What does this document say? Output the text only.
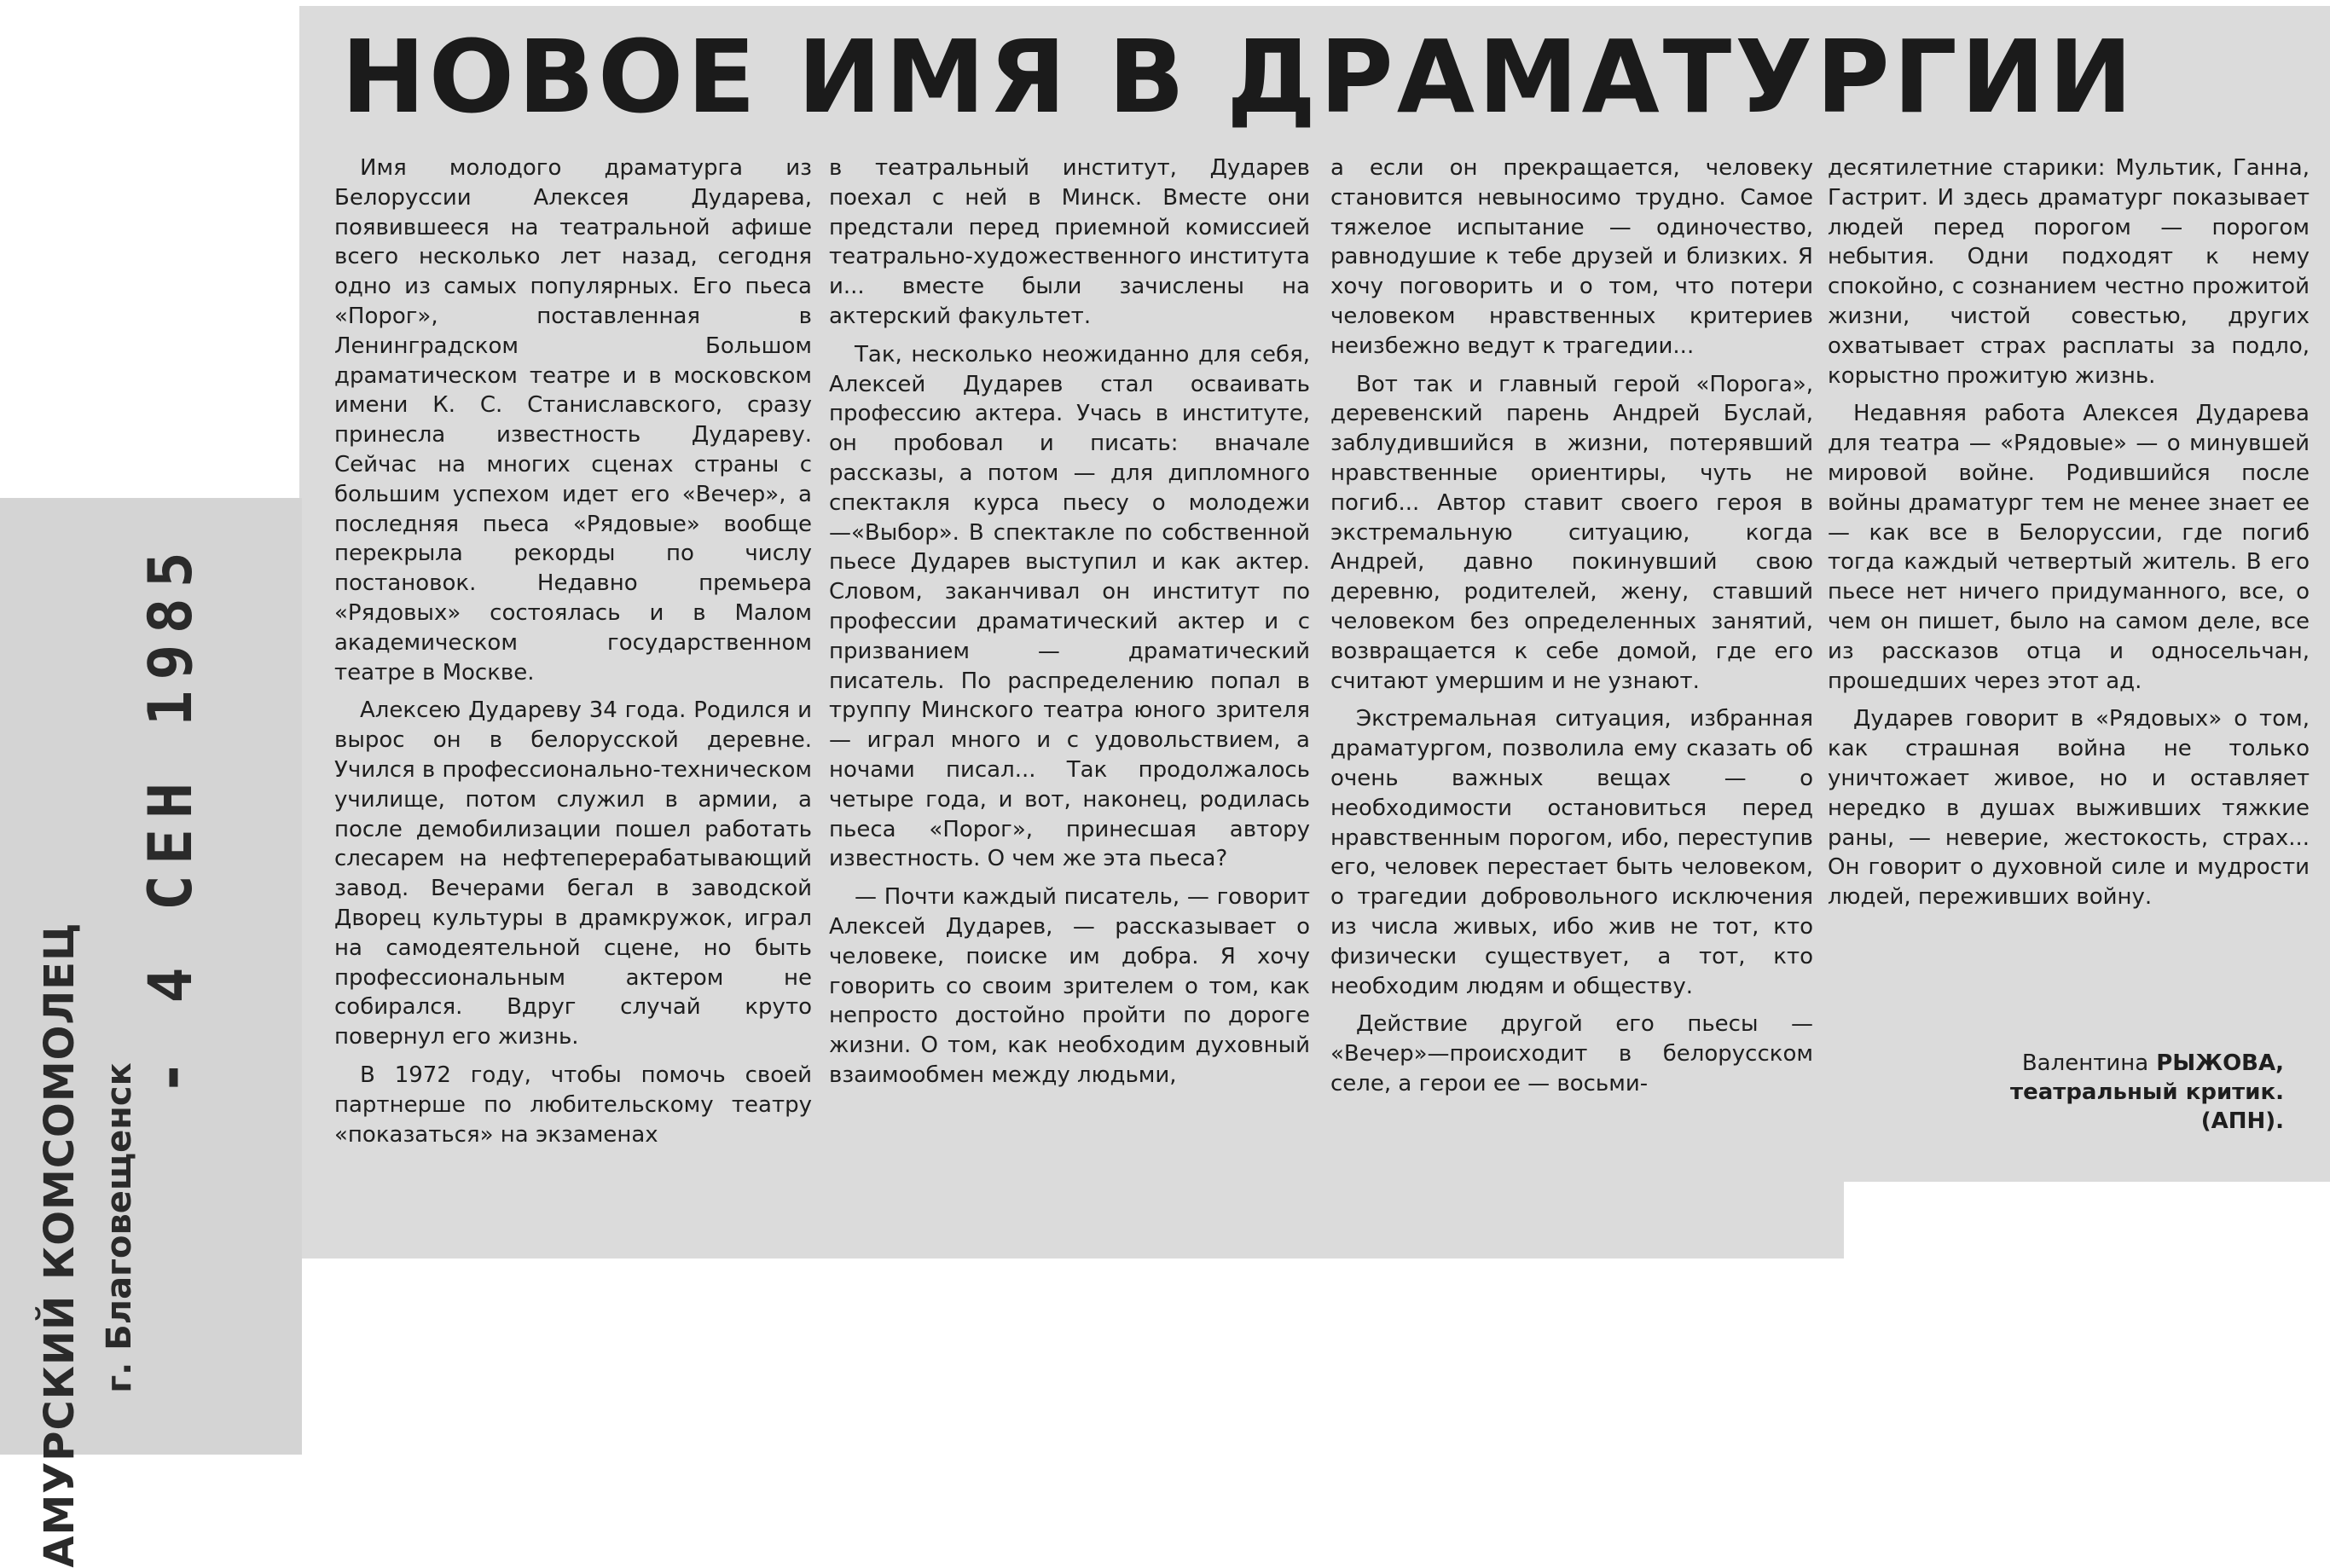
НОВОЕ ИМЯ В ДРАМАТУРГИИ

Имя молодого драматурга из Белоруссии Алексея Дударева, появившееся на театральной афише всего несколько лет назад, сегодня одно из самых популярных. Его пьеса «Порог», поставленная в Ленинградском Большом драматическом театре и в московском имени К. С. Станиславского, сразу принесла известность Дудареву. Сейчас на многих сценах страны с большим успехом идет его «Вечер», а последняя пьеса «Рядовые» вообще перекрыла рекорды по числу постановок. Недавно премьера «Рядовых» состоялась и в Малом академическом государственном театре в Москве.

Алексею Дудареву 34 года. Родился и вырос он в белорусской деревне. Учился в профессионально-техническом училище, потом служил в армии, а после демобилизации пошел работать слесарем на нефтеперерабатывающий завод. Вечерами бегал в заводской Дворец культуры в драмкружок, играл на самодеятельной сцене, но быть профессиональным актером не собирался. Вдруг случай круто повернул его жизнь.

В 1972 году, чтобы помочь своей партнерше по любительскому театру «показаться» на экзаменах

в театральный институт, Дударев поехал с ней в Минск. Вместе они предстали перед приемной комиссией театрально-художественного института и... вместе были зачислены на актерский факультет.

Так, несколько неожиданно для себя, Алексей Дударев стал осваивать профессию актера. Учась в институте, он пробовал и писать: вначале рассказы, а потом — для дипломного спектакля курса пьесу о молодежи—«Выбор». В спектакле по собственной пьесе Дударев выступил и как актер. Словом, заканчивал он институт по профессии драматический актер и с призванием — драматический писатель. По распределению попал в труппу Минского театра юного зрителя — играл много и с удовольствием, а ночами писал... Так продолжалось четыре года, и вот, наконец, родилась пьеса «Порог», принесшая автору известность. О чем же эта пьеса?

— Почти каждый писатель, — говорит Алексей Дударев, — рассказывает о человеке, поиске им добра. Я хочу говорить со своим зрителем о том, как непросто достойно пройти по дороге жизни. О том, как необходим духовный взаимообмен между людьми,

а если он прекращается, человеку становится невыносимо трудно. Самое тяжелое испытание — одиночество, равнодушие к тебе друзей и близких. Я хочу поговорить и о том, что потери человеком нравственных критериев неизбежно ведут к трагедии...

Вот так и главный герой «Порога», деревенский парень Андрей Буслай, заблудившийся в жизни, потерявший нравственные ориентиры, чуть не погиб... Автор ставит своего героя в экстремальную ситуацию, когда Андрей, давно покинувший свою деревню, родителей, жену, ставший человеком без определенных занятий, возвращается к себе домой, где его считают умершим и не узнают.

Экстремальная ситуация, избранная драматургом, позволила ему сказать об очень важных вещах — о необходимости остановиться перед нравственным порогом, ибо, переступив его, человек перестает быть человеком, о трагедии добровольного исключения из числа живых, ибо жив не тот, кто физически существует, а тот, кто необходим людям и обществу.

Действие другой его пьесы — «Вечер»—происходит в белорусском селе, а герои ее — восьми-

десятилетние старики: Мультик, Ганна, Гастрит. И здесь драматург показывает людей перед порогом — порогом небытия. Одни подходят к нему спокойно, с сознанием честно прожитой жизни, чистой совестью, других охватывает страх расплаты за подло, корыстно прожитую жизнь.

Недавняя работа Алексея Дударева для театра — «Рядовые» — о минувшей мировой войне. Родившийся после войны драматург тем не менее знает ее — как все в Белоруссии, где погиб тогда каждый четвертый житель. В его пьесе нет ничего придуманного, все, о чем он пишет, было на самом деле, все из рассказов отца и односельчан, прошедших через этот ад.

Дударев говорит в «Рядовых» о том, как страшная война не только уничтожает живое, но и оставляет нередко в душах выживших тяжкие раны, — неверие, жестокость, страх... Он говорит о духовной силе и мудрости людей, переживших войну.

Валентина РЫЖОВА,
театральный критик.
(АПН).
- 4 СЕН 1985
АМУРСКИЙ КОМСОМОЛЕЦ г. Благовещенск
